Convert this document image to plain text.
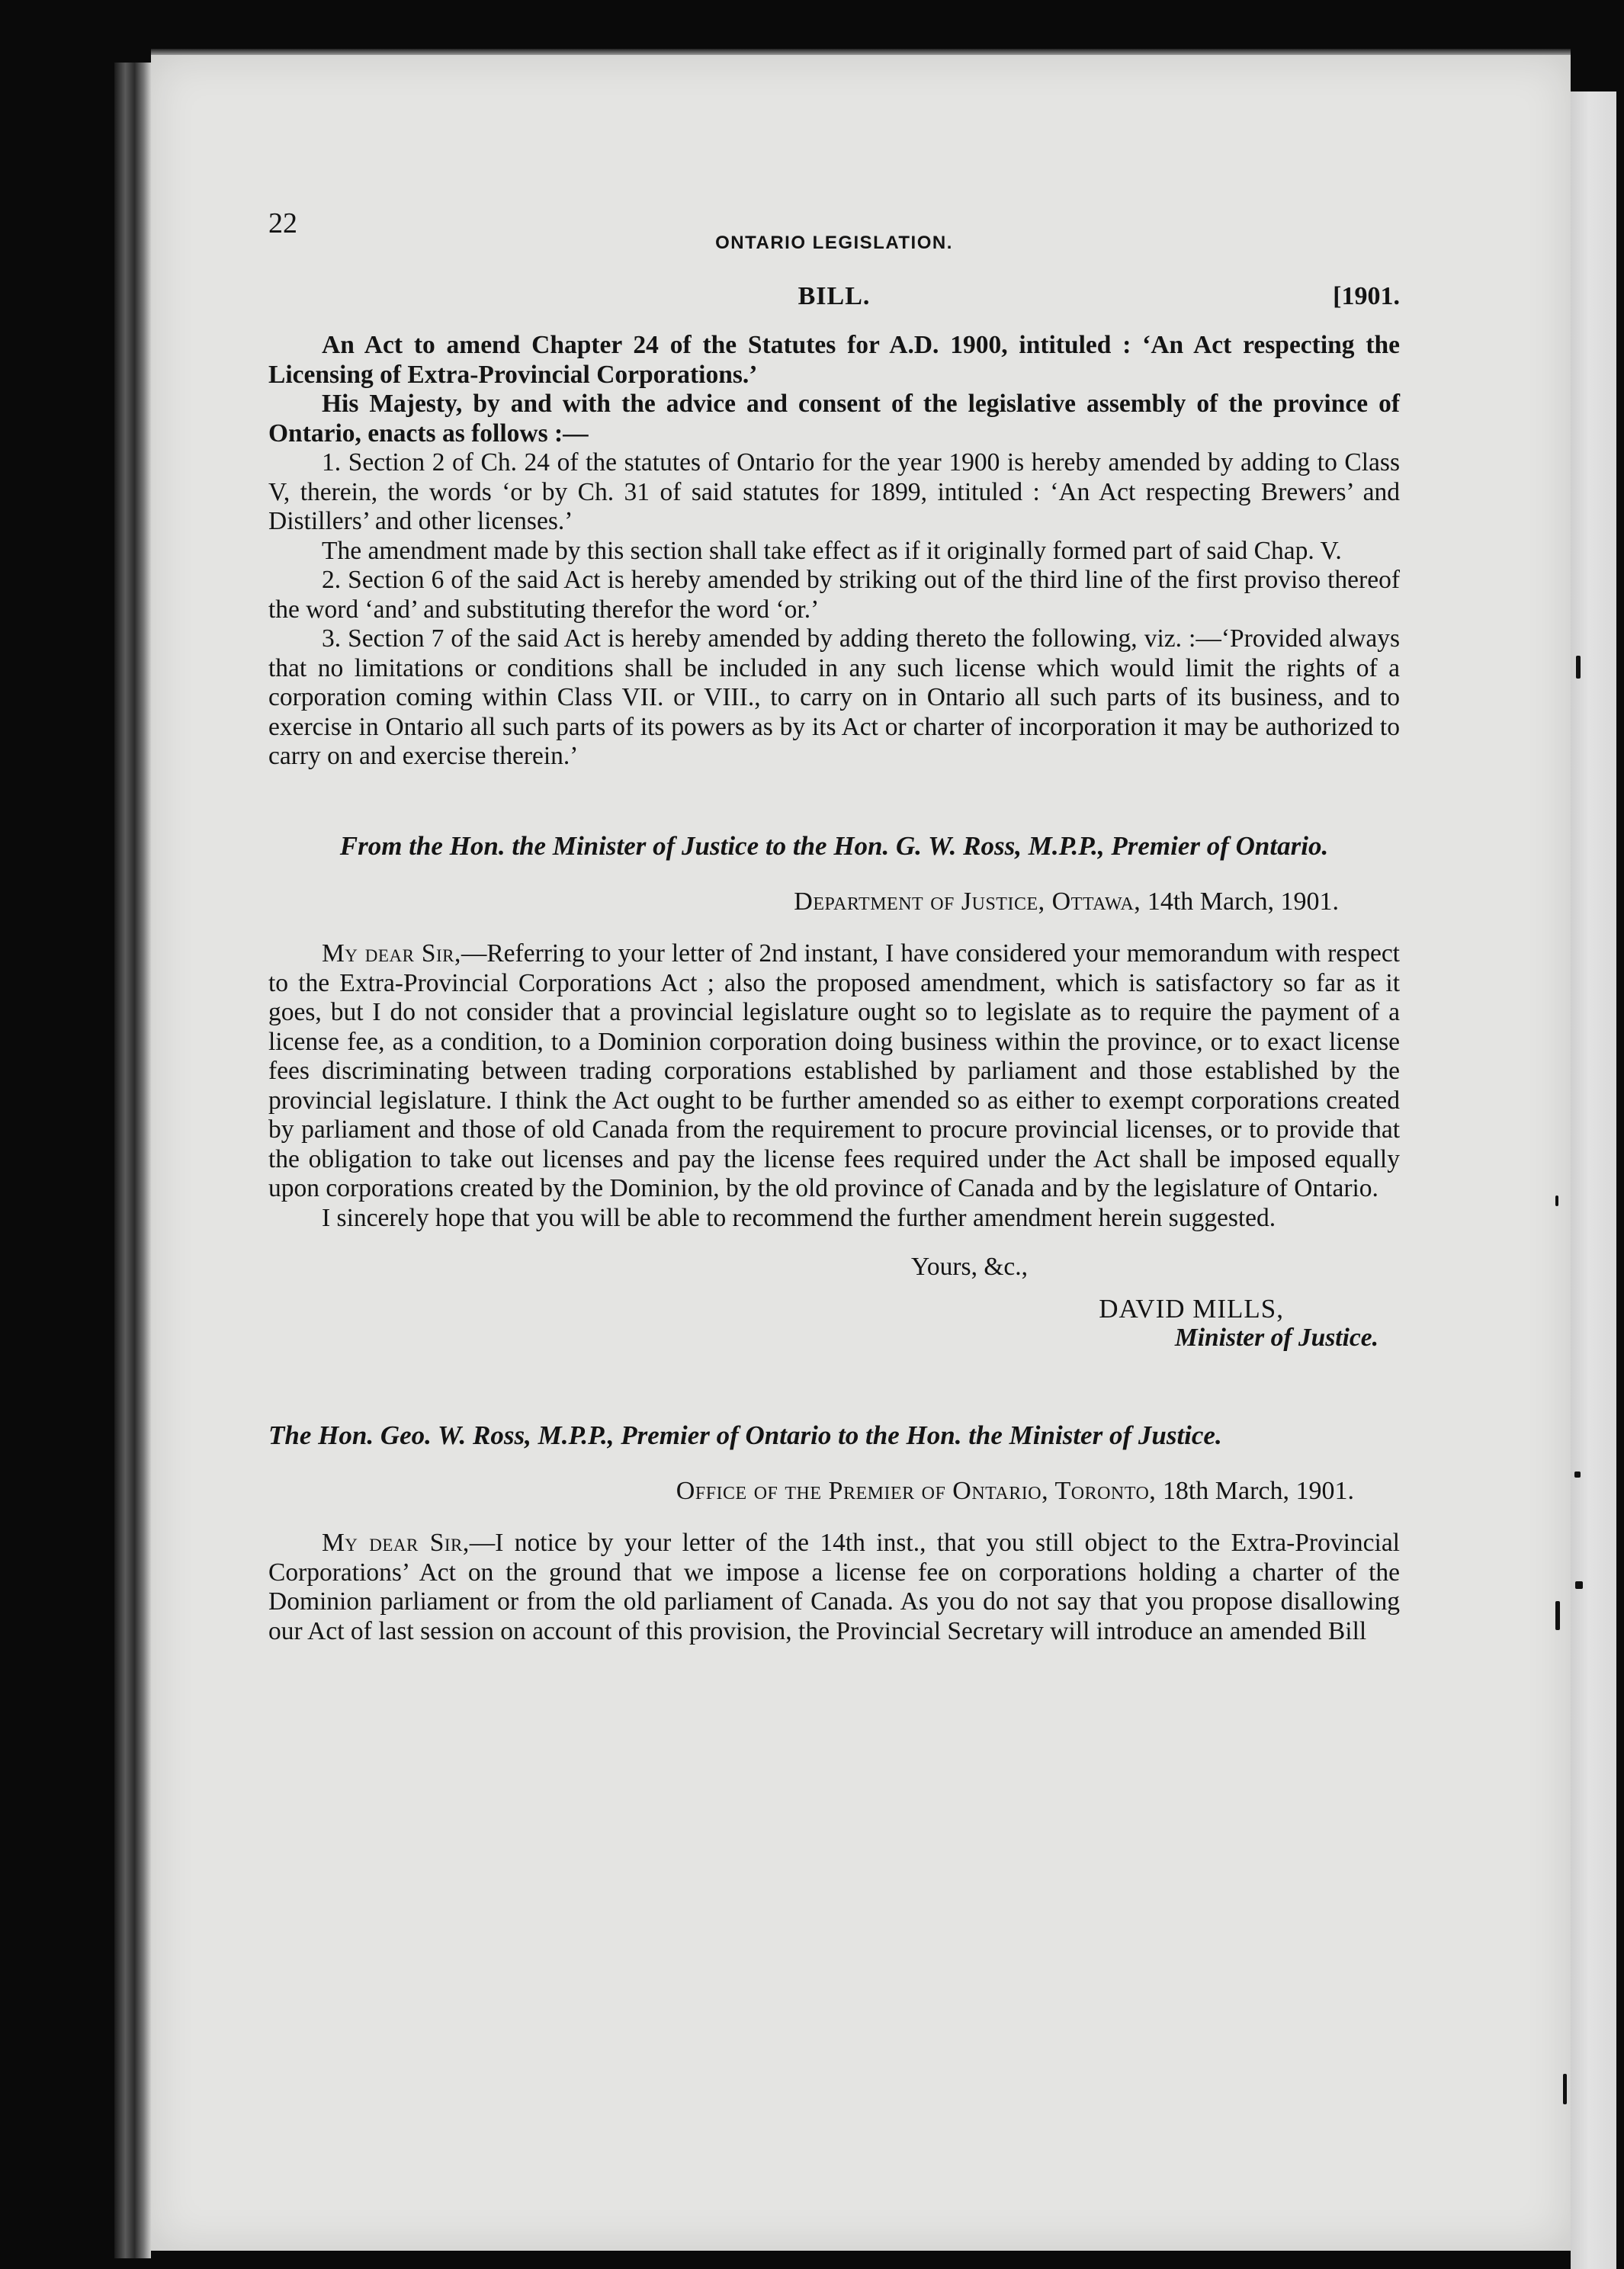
22
ONTARIO LEGISLATION.
BILL.	[1901.

An Act to amend Chapter 24 of the Statutes for A.D. 1900, intituled : ‘An Act respecting the Licensing of Extra-Provincial Corporations.’

His Majesty, by and with the advice and consent of the legislative assembly of the province of Ontario, enacts as follows :—

1. Section 2 of Ch. 24 of the statutes of Ontario for the year 1900 is hereby amended by adding to Class V, therein, the words ‘or by Ch. 31 of said statutes for 1899, intituled : ‘An Act respecting Brewers’ and Distillers’ and other licenses.’

The amendment made by this section shall take effect as if it originally formed part of said Chap. V.

2. Section 6 of the said Act is hereby amended by striking out of the third line of the first proviso thereof the word ‘and’ and substituting therefor the word ‘or.’

3. Section 7 of the said Act is hereby amended by adding thereto the following, viz. :—‘Provided always that no limitations or conditions shall be included in any such license which would limit the rights of a corporation coming within Class VII. or VIII., to carry on in Ontario all such parts of its business, and to exercise in Ontario all such parts of its powers as by its Act or charter of incorporation it may be authorized to carry on and exercise therein.’

From the Hon. the Minister of Justice to the Hon. G. W. Ross, M.P.P., Premier of Ontario.
Department of Justice, Ottawa, 14th March, 1901.

My dear Sir,—Referring to your letter of 2nd instant, I have considered your memorandum with respect to the Extra-Provincial Corporations Act ; also the proposed amendment, which is satisfactory so far as it goes, but I do not consider that a provincial legislature ought so to legislate as to require the payment of a license fee, as a condition, to a Dominion corporation doing business within the province, or to exact license fees discriminating between trading corporations established by parliament and those established by the provincial legislature. I think the Act ought to be further amended so as either to exempt corporations created by parliament and those of old Canada from the requirement to procure provincial licenses, or to provide that the obligation to take out licenses and pay the license fees required under the Act shall be imposed equally upon corporations created by the Dominion, by the old province of Canada and by the legislature of Ontario.

I sincerely hope that you will be able to recommend the further amendment herein suggested.

Yours, &c.,
DAVID MILLS,
Minister of Justice.
The Hon. Geo. W. Ross, M.P.P., Premier of Ontario to the Hon. the Minister of Justice.
Office of the Premier of Ontario, Toronto, 18th March, 1901.

My dear Sir,—I notice by your letter of the 14th inst., that you still object to the Extra-Provincial Corporations’ Act on the ground that we impose a license fee on corporations holding a charter of the Dominion parliament or from the old parliament of Canada. As you do not say that you propose disallowing our Act of last session on account of this provision, the Provincial Secretary will introduce an amended Bill
